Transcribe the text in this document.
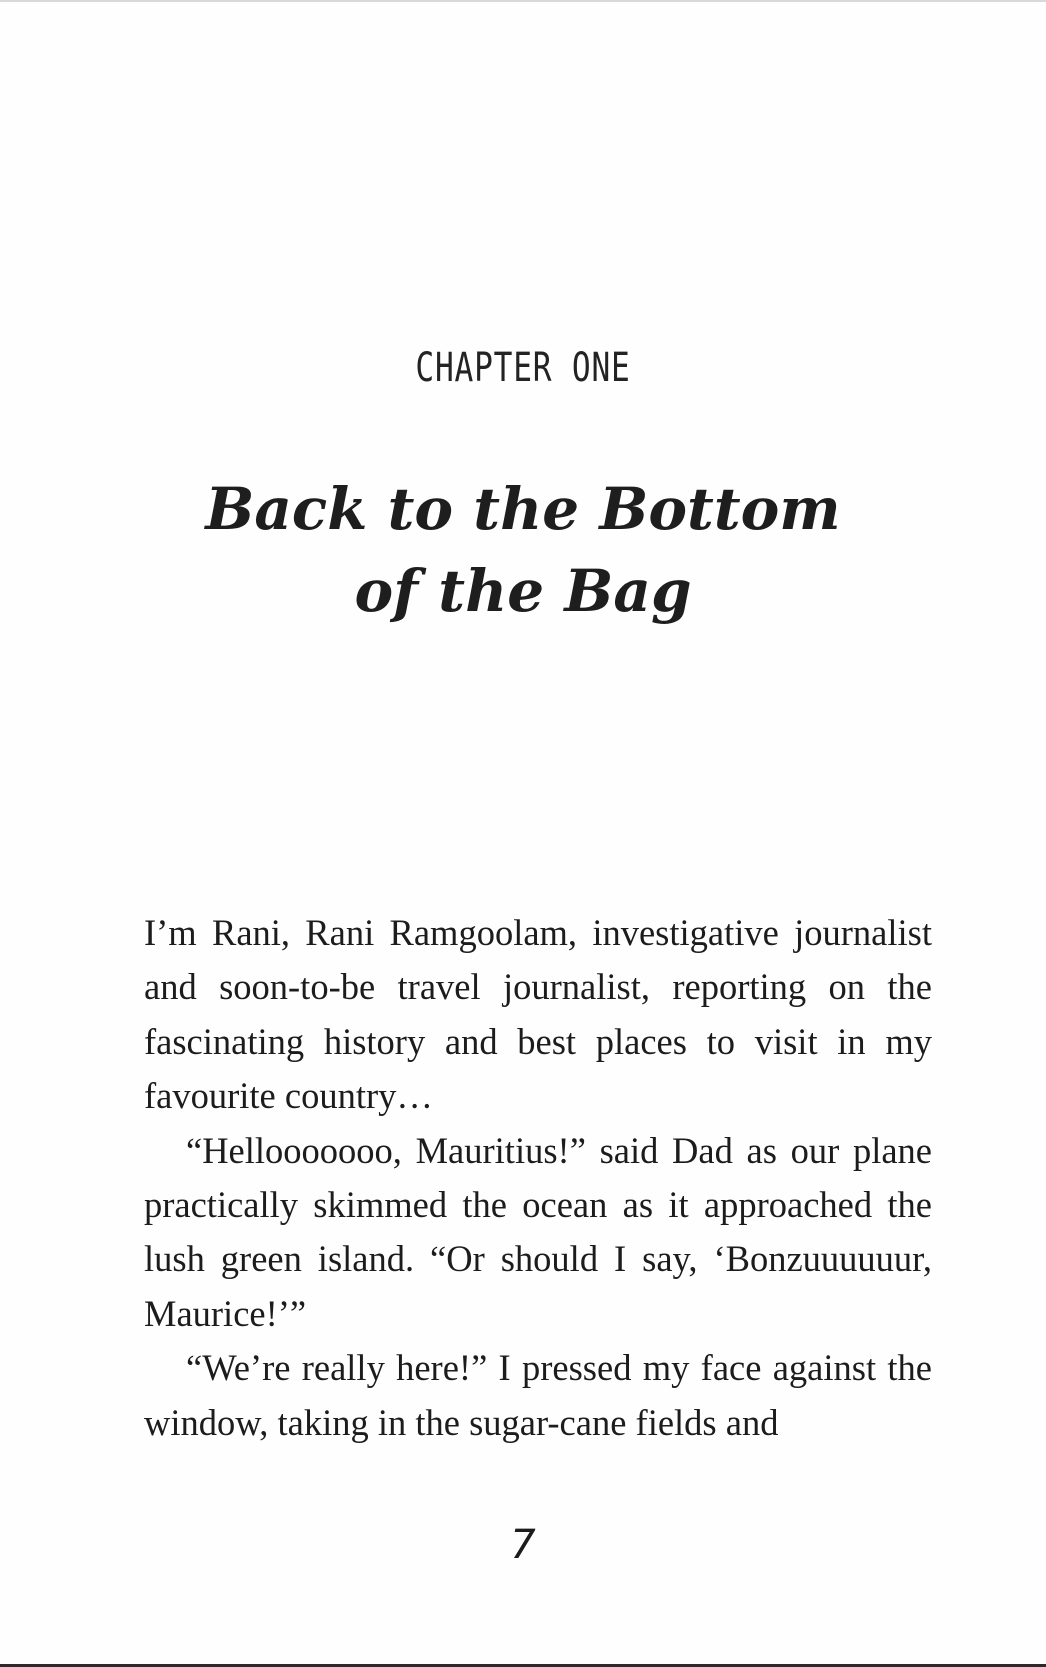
CHAPTER ONE
Back to the Bottom
of the Bag

I’m Rani, Rani Ramgoolam, investigative journalist and soon-to-be travel journalist, reporting on the fascinating history and best places to visit in my favourite country…

“Hellooooooo, Mauritius!” said Dad as our plane practically skimmed the ocean as it approached the lush green island. “Or should I say, ‘Bonzuuuuuur, Maurice!’”

“We’re really here!” I pressed my face against the window, taking in the sugar-cane fields and

7
